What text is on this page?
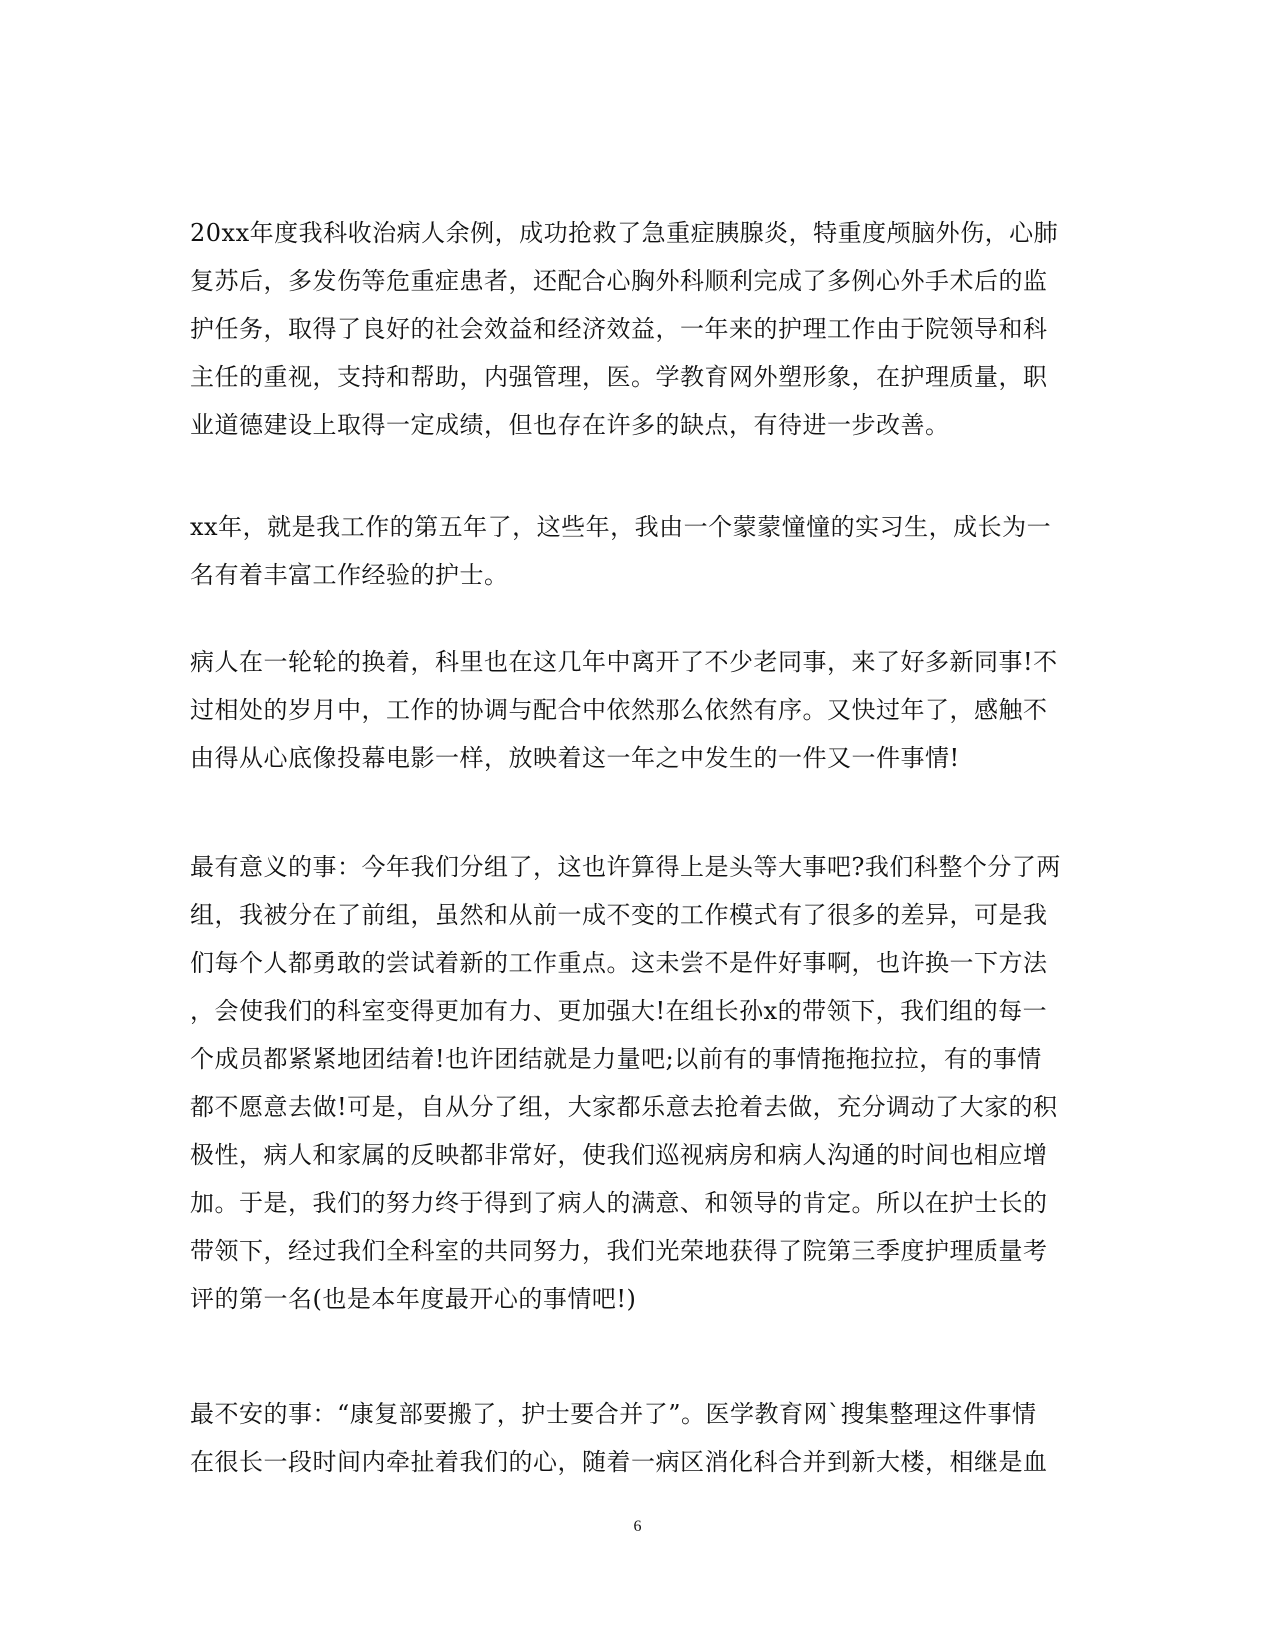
20xx年度我科收治病人余例，成功抢救了急重症胰腺炎，特重度颅脑外伤，心肺
复苏后，多发伤等危重症患者，还配合心胸外科顺利完成了多例心外手术后的监
护任务，取得了良好的社会效益和经济效益，一年来的护理工作由于院领导和科
主任的重视，支持和帮助，内强管理，医。学教育网外塑形象，在护理质量，职
业道德建设上取得一定成绩，但也存在许多的缺点，有待进一步改善。
xx年，就是我工作的第五年了，这些年，我由一个蒙蒙憧憧的实习生，成长为一
名有着丰富工作经验的护士。
病人在一轮轮的换着，科里也在这几年中离开了不少老同事，来了好多新同事!不
过相处的岁月中，工作的协调与配合中依然那么依然有序。又快过年了，感触不
由得从心底像投幕电影一样，放映着这一年之中发生的一件又一件事情!
最有意义的事：今年我们分组了，这也许算得上是头等大事吧?我们科整个分了两
组，我被分在了前组，虽然和从前一成不变的工作模式有了很多的差异，可是我
们每个人都勇敢的尝试着新的工作重点。这未尝不是件好事啊，也许换一下方法
，会使我们的科室变得更加有力、更加强大!在组长孙x的带领下，我们组的每一
个成员都紧紧地团结着!也许团结就是力量吧;以前有的事情拖拖拉拉，有的事情
都不愿意去做!可是，自从分了组，大家都乐意去抢着去做，充分调动了大家的积
极性，病人和家属的反映都非常好，使我们巡视病房和病人沟通的时间也相应增
加。于是，我们的努力终于得到了病人的满意、和领导的肯定。所以在护士长的
带领下，经过我们全科室的共同努力，我们光荣地获得了院第三季度护理质量考
评的第一名(也是本年度最开心的事情吧!)
最不安的事：“康复部要搬了，护士要合并了”。医学教育网`搜集整理这件事情
在很长一段时间内牵扯着我们的心，随着一病区消化科合并到新大楼，相继是血
6
